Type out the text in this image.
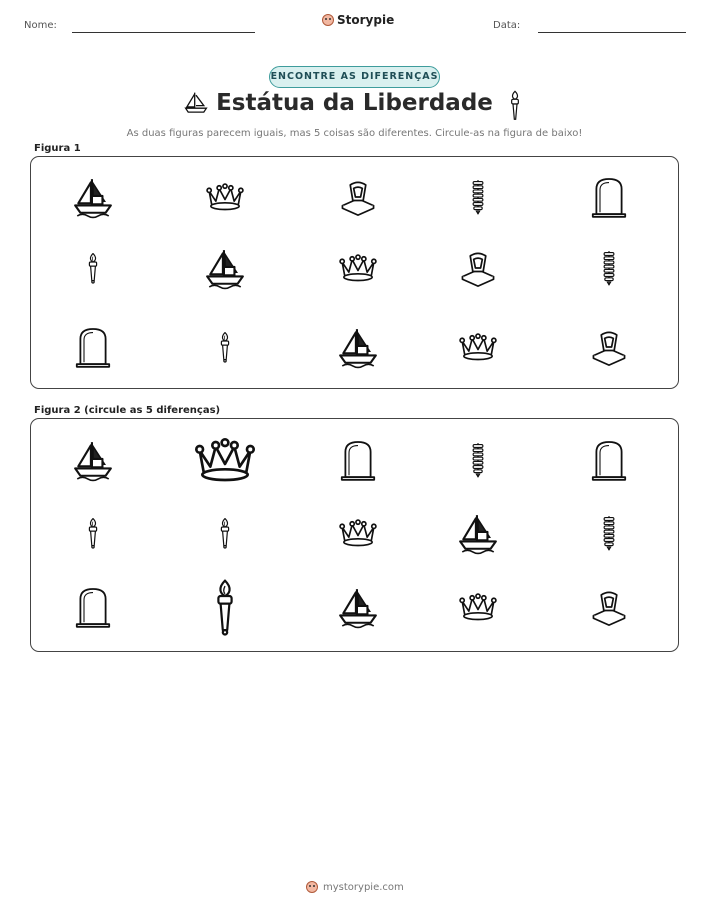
Nome:	Storypie	Data:
ENCONTRE AS DIFERENÇAS
Estátua da Liberdade
As duas figuras parecem iguais, mas 5 coisas são diferentes. Circule-as na figura de baixo!
Figura 1
Figura 2 (circule as 5 diferenças)
mystorypie.com
